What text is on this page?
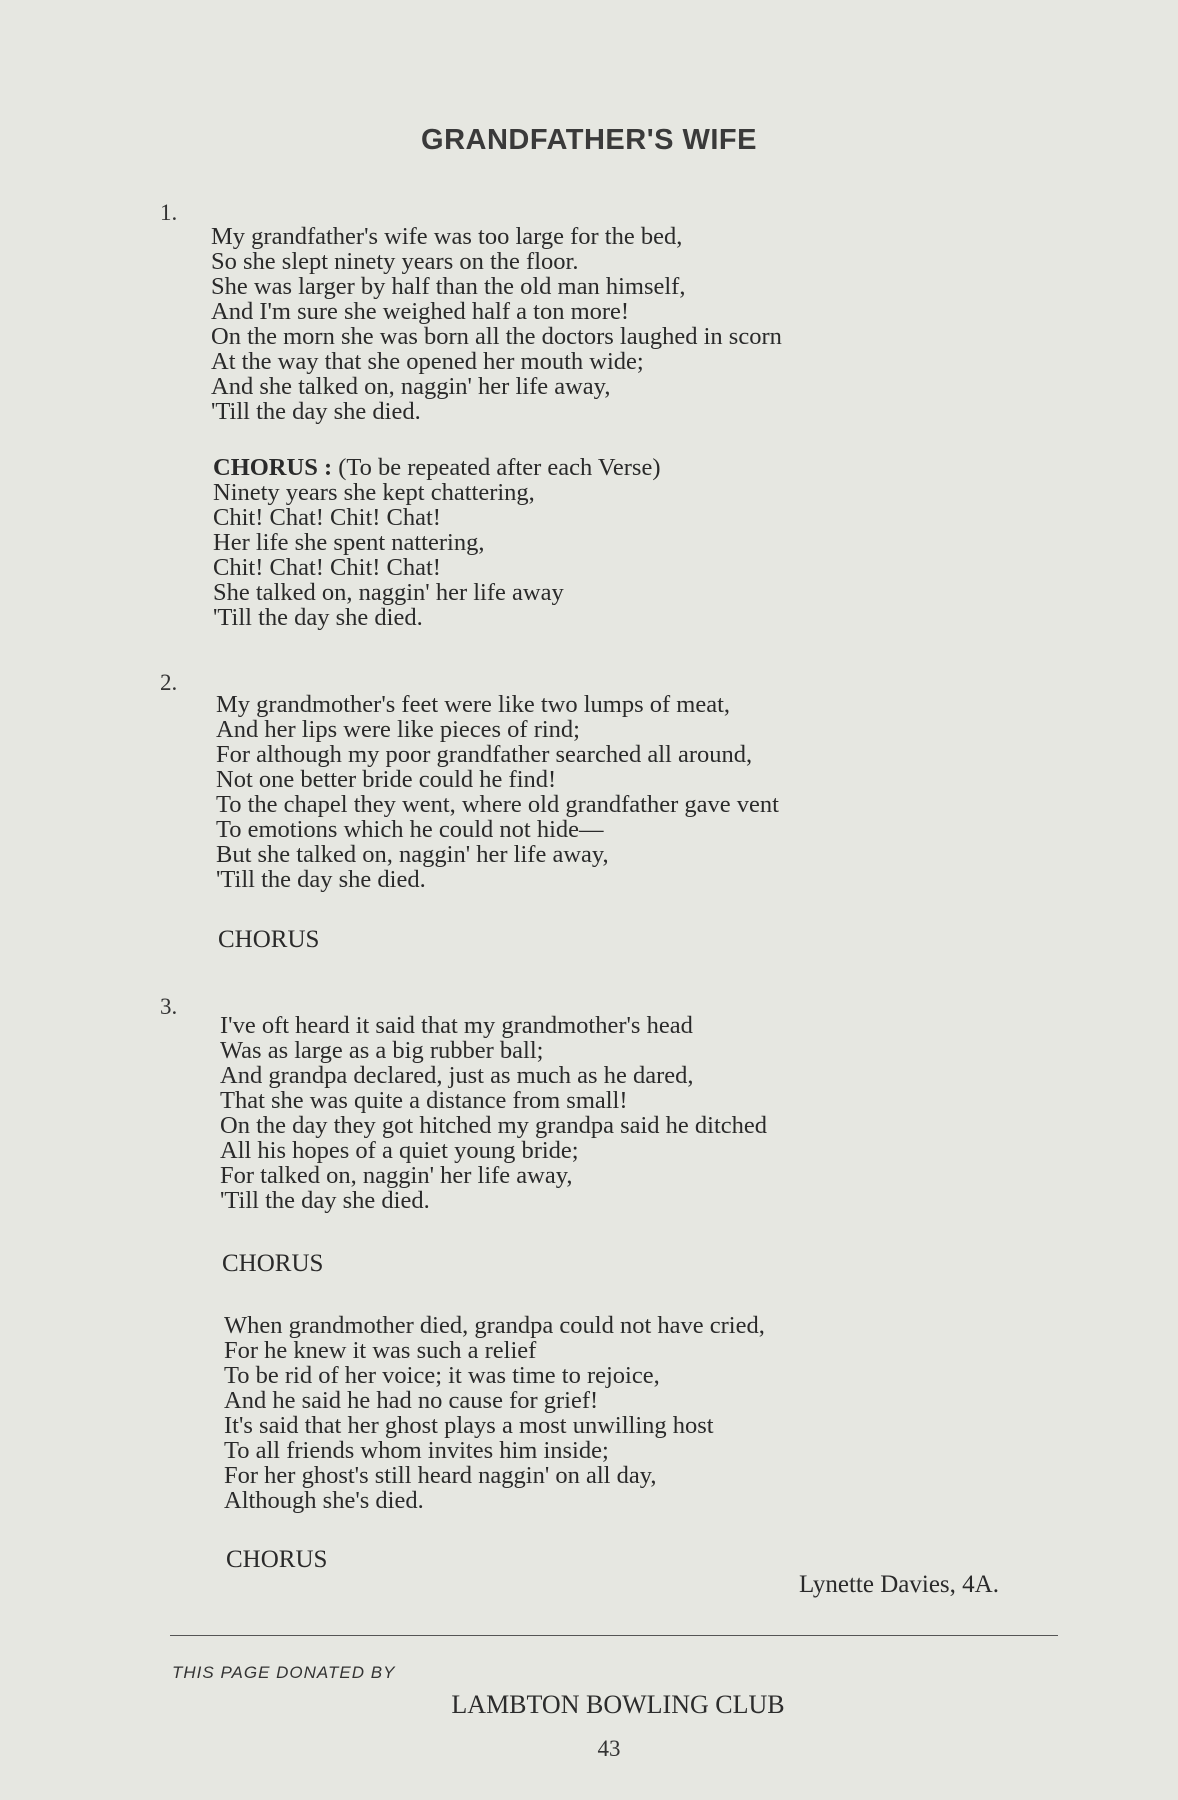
GRANDFATHER'S WIFE
1.
My grandfather's wife was too large for the bed,
So she slept ninety years on the floor.
She was larger by half than the old man himself,
And I'm sure she weighed half a ton more!
On the morn she was born all the doctors laughed in scorn
At the way that she opened her mouth wide;
And she talked on, naggin' her life away,
'Till the day she died.
CHORUS : (To be repeated after each Verse)
Ninety years she kept chattering,
Chit! Chat! Chit! Chat!
Her life she spent nattering,
Chit! Chat! Chit! Chat!
She talked on, naggin' her life away
'Till the day she died.
2.
My grandmother's feet were like two lumps of meat,
And her lips were like pieces of rind;
For although my poor grandfather searched all around,
Not one better bride could he find!
To the chapel they went, where old grandfather gave vent
To emotions which he could not hide—
But she talked on, naggin' her life away,
'Till the day she died.
CHORUS
3.
I've oft heard it said that my grandmother's head
Was as large as a big rubber ball;
And grandpa declared, just as much as he dared,
That she was quite a distance from small!
On the day they got hitched my grandpa said he ditched
All his hopes of a quiet young bride;
For talked on, naggin' her life away,
'Till the day she died.
CHORUS
When grandmother died, grandpa could not have cried,
For he knew it was such a relief
To be rid of her voice; it was time to rejoice,
And he said he had no cause for grief!
It's said that her ghost plays a most unwilling host
To all friends whom invites him inside;
For her ghost's still heard naggin' on all day,
Although she's died.
CHORUS
Lynette Davies, 4A.
THIS PAGE DONATED BY
LAMBTON BOWLING CLUB
43
